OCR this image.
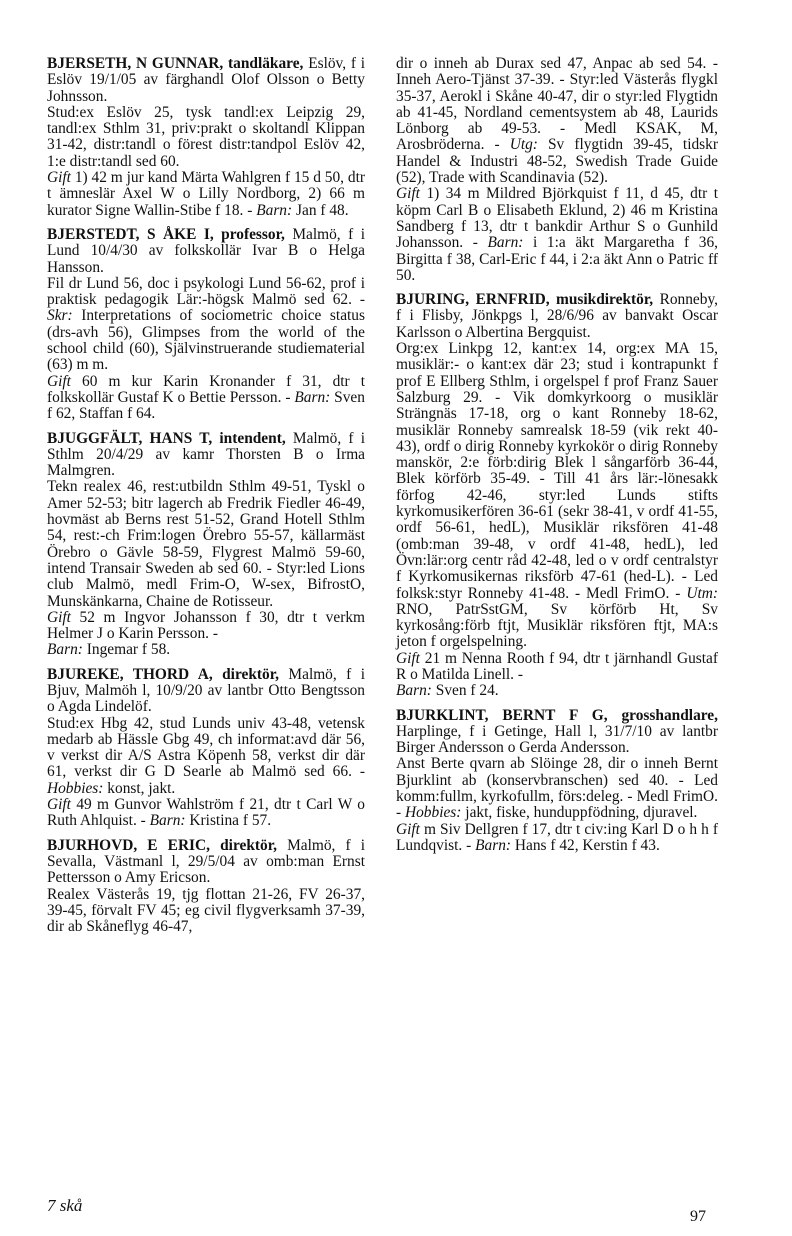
BJERSETH, N GUNNAR, tandläkare, Eslöv, f i Eslöv 19/1/05 av färghandl Olof Olsson o Betty Johnsson.

Stud:ex Eslöv 25, tysk tandl:ex Leipzig 29, tandl:ex Sthlm 31, priv:prakt o skoltandl Klippan 31-42, distr:tandl o förest distr:tandpol Eslöv 42, 1:e distr:tandl sed 60.

Gift 1) 42 m jur kand Märta Wahlgren f 15 d 50, dtr t ämneslär Axel W o Lilly Nordborg, 2) 66 m kurator Signe Wallin-Stibe f 18. - Barn: Jan f 48.

BJERSTEDT, S ÅKE I, professor, Malmö, f i Lund 10/4/30 av folkskollär Ivar B o Helga Hansson.

Fil dr Lund 56, doc i psykologi Lund 56-62, prof i praktisk pedagogik Lär:-högsk Malmö sed 62. - Skr: Interpretations of sociometric choice status (drs-avh 56), Glimpses from the world of the school child (60), Självinstruerande studiematerial (63) m m.

Gift 60 m kur Karin Kronander f 31, dtr t folkskollär Gustaf K o Bettie Persson. - Barn: Sven f 62, Staffan f 64.

BJUGGFÄLT, HANS T, intendent, Malmö, f i Sthlm 20/4/29 av kamr Thorsten B o Irma Malmgren.

Tekn realex 46, rest:utbildn Sthlm 49-51, Tyskl o Amer 52-53; bitr lagerch ab Fredrik Fiedler 46-49, hovmäst ab Berns rest 51-52, Grand Hotell Sthlm 54, rest:-ch Frim:logen Örebro 55-57, källarmäst Örebro o Gävle 58-59, Flygrest Malmö 59-60, intend Transair Sweden ab sed 60. - Styr:led Lions club Malmö, medl Frim-O, W-sex, BifrostO, Munskänkarna, Chaine de Rotisseur.

Gift 52 m Ingvor Johansson f 30, dtr t verkm Helmer J o Karin Persson. -

Barn: Ingemar f 58.

BJUREKE, THORD A, direktör, Malmö, f i Bjuv, Malmöh l, 10/9/20 av lantbr Otto Bengtsson o Agda Lindelöf.

Stud:ex Hbg 42, stud Lunds univ 43-48, vetensk medarb ab Hässle Gbg 49, ch informat:avd där 56, v verkst dir A/S Astra Köpenh 58, verkst dir där 61, verkst dir G D Searle ab Malmö sed 66. - Hobbies: konst, jakt.

Gift 49 m Gunvor Wahlström f 21, dtr t Carl W o Ruth Ahlquist. - Barn: Kristina f 57.

BJURHOVD, E ERIC, direktör, Malmö, f i Sevalla, Västmanl l, 29/5/04 av omb:man Ernst Pettersson o Amy Ericson.

Realex Västerås 19, tjg flottan 21-26, FV 26-37, 39-45, förvalt FV 45; eg civil flygverksamh 37-39, dir ab Skåneflyg 46-47,

dir o inneh ab Durax sed 47, Anpac ab sed 54. - Inneh Aero-Tjänst 37-39. - Styr:led Västerås flygkl 35-37, Aerokl i Skåne 40-47, dir o styr:led Flygtidn ab 41-45, Nordland cementsystem ab 48, Laurids Lönborg ab 49-53. - Medl KSAK, M, Arosbröderna. - Utg: Sv flygtidn 39-45, tidskr Handel & Industri 48-52, Swedish Trade Guide (52), Trade with Scandinavia (52).

Gift 1) 34 m Mildred Björkquist f 11, d 45, dtr t köpm Carl B o Elisabeth Eklund, 2) 46 m Kristina Sandberg f 13, dtr t bankdir Arthur S o Gunhild Johansson. - Barn: i 1:a äkt Margaretha f 36, Birgitta f 38, Carl-Eric f 44, i 2:a äkt Ann o Patric ff 50.

BJURING, ERNFRID, musikdirektör, Ronneby, f i Flisby, Jönkpgs l, 28/6/96 av banvakt Oscar Karlsson o Albertina Bergquist.

Org:ex Linkpg 12, kant:ex 14, org:ex MA 15, musiklär:- o kant:ex där 23; stud i kontrapunkt f prof E Ellberg Sthlm, i orgelspel f prof Franz Sauer Salzburg 29. - Vik domkyrkoorg o musiklär Strängnäs 17-18, org o kant Ronneby 18-62, musiklär Ronneby samrealsk 18-59 (vik rekt 40-43), ordf o dirig Ronneby kyrkokör o dirig Ronneby manskör, 2:e förb:dirig Blek l sångarförb 36-44, Blek körförb 35-49. - Till 41 års lär:-lönesakk förfog 42-46, styr:led Lunds stifts kyrkomusikerfören 36-61 (sekr 38-41, v ordf 41-55, ordf 56-61, hedL), Musiklär riksfören 41-48 (omb:man 39-48, v ordf 41-48, hedL), led Övn:lär:org centr råd 42-48, led o v ordf centralstyr f Kyrkomusikernas riksförb 47-61 (hed-L). - Led folksk:styr Ronneby 41-48. - Medl FrimO. - Utm: RNO, PatrSstGM, Sv körförb Ht, Sv kyrkosång:förb ftjt, Musiklär riksfören ftjt, MA:s jeton f orgelspelning.

Gift 21 m Nenna Rooth f 94, dtr t järnhandl Gustaf R o Matilda Linell. -

Barn: Sven f 24.

BJURKLINT, BERNT F G, grosshandlare, Harplinge, f i Getinge, Hall l, 31/7/10 av lantbr Birger Andersson o Gerda Andersson.

Anst Berte qvarn ab Slöinge 28, dir o inneh Bernt Bjurklint ab (konservbranschen) sed 40. - Led komm:fullm, kyrkofullm, förs:deleg. - Medl FrimO. - Hobbies: jakt, fiske, hunduppfödning, djuravel.

Gift m Siv Dellgren f 17, dtr t civ:ing Karl D o h h f Lundqvist. - Barn: Hans f 42, Kerstin f 43.

7 skå
97
